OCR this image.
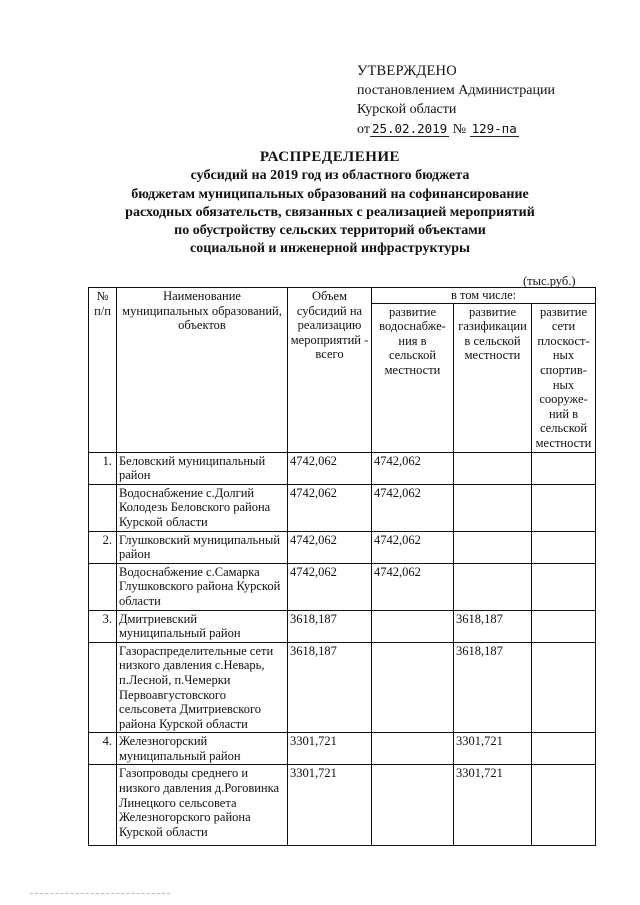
УТВЕРЖДЕНО
постановлением Администрации
Курской области
от 25.02.2019 № 129-па
РАСПРЕДЕЛЕНИЕ
субсидий на 2019 год из областного бюджета
бюджетам муниципальных образований на софинансирование
расходных обязательств, связанных с реализацией мероприятий
по обустройству сельских территорий объектами
социальной и инженерной инфраструктуры
(тыс.руб.)
№ п/п	Наименование муниципальных образований, объектов	Объем субсидий на реализацию мероприятий - всего	в том числе:		
			развитие водоснабже-ния в сельской местности	развитие газификации в сельской местности	развитие сети плоскост-ных спортив-ных сооруже-ний в сельской местности
1.	Беловский муниципальный район	4742,062	4742,062		
	Водоснабжение с.Долгий Колодезь Беловского района Курской области	4742,062	4742,062		
2.	Глушковский муниципальный район	4742,062	4742,062		
	Водоснабжение с.Самарка Глушковского района Курской области	4742,062	4742,062		
3.	Дмитриевский муниципальный район	3618,187		3618,187	
	Газораспределительные сети низкого давления с.Неварь, п.Лесной, п.Чемерки Первоавгустовского сельсовета Дмитриевского района Курской области	3618,187		3618,187	
4.	Железногорский муниципальный район	3301,721		3301,721	
	Газопроводы среднего и низкого давления д.Роговинка Линецкого сельсовета Железногорского района Курской области	3301,721		3301,721	
